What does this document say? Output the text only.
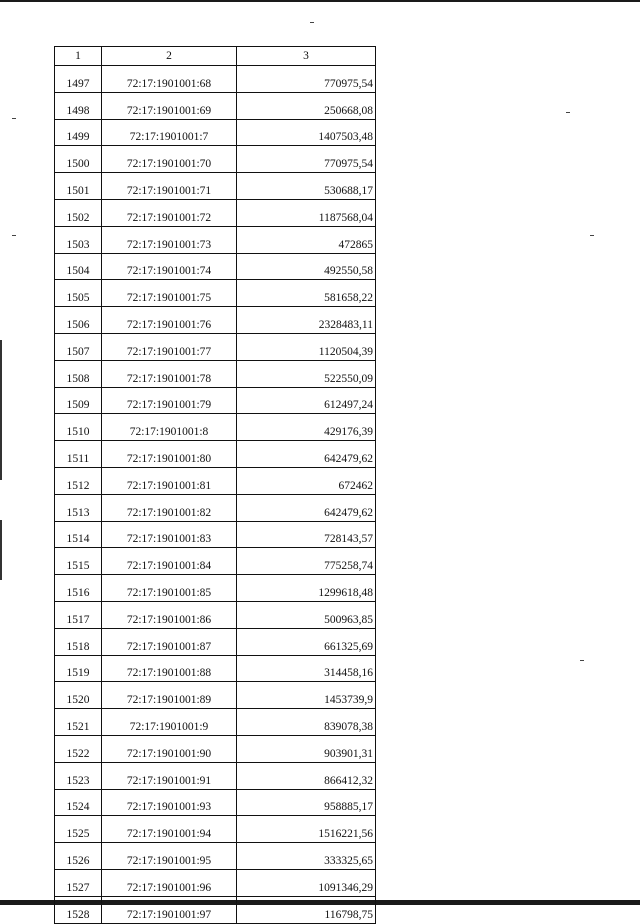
1	2	3
1497	72:17:1901001:68	770975,54
1498	72:17:1901001:69	250668,08
1499	72:17:1901001:7	1407503,48
1500	72:17:1901001:70	770975,54
1501	72:17:1901001:71	530688,17
1502	72:17:1901001:72	1187568,04
1503	72:17:1901001:73	472865
1504	72:17:1901001:74	492550,58
1505	72:17:1901001:75	581658,22
1506	72:17:1901001:76	2328483,11
1507	72:17:1901001:77	1120504,39
1508	72:17:1901001:78	522550,09
1509	72:17:1901001:79	612497,24
1510	72:17:1901001:8	429176,39
1511	72:17:1901001:80	642479,62
1512	72:17:1901001:81	672462
1513	72:17:1901001:82	642479,62
1514	72:17:1901001:83	728143,57
1515	72:17:1901001:84	775258,74
1516	72:17:1901001:85	1299618,48
1517	72:17:1901001:86	500963,85
1518	72:17:1901001:87	661325,69
1519	72:17:1901001:88	314458,16
1520	72:17:1901001:89	1453739,9
1521	72:17:1901001:9	839078,38
1522	72:17:1901001:90	903901,31
1523	72:17:1901001:91	866412,32
1524	72:17:1901001:93	958885,17
1525	72:17:1901001:94	1516221,56
1526	72:17:1901001:95	333325,65
1527	72:17:1901001:96	1091346,29
1528	72:17:1901001:97	116798,75
